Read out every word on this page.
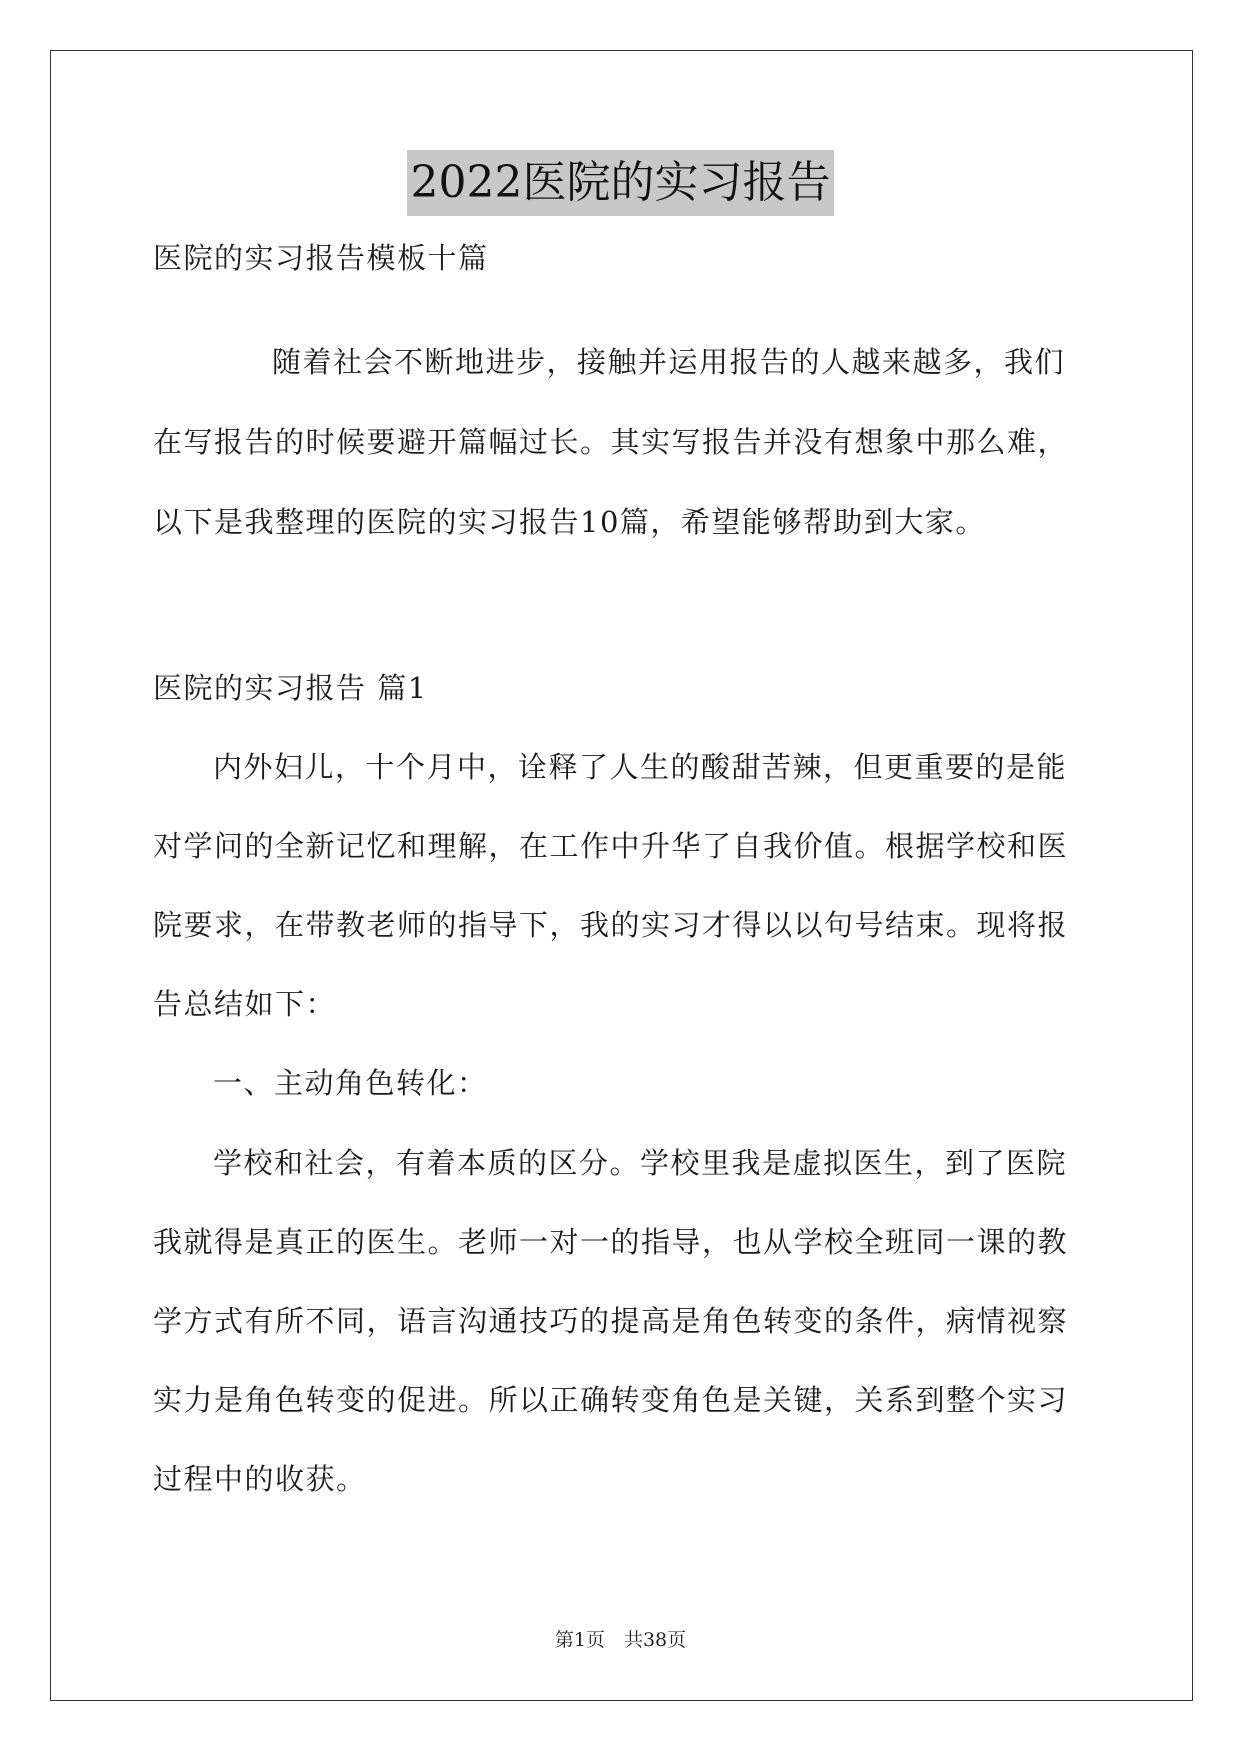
2022医院的实习报告
医院的实习报告模板十篇
随着社会不断地进步，接触并运用报告的人越来越多，我们
在写报告的时候要避开篇幅过长。其实写报告并没有想象中那么难，
以下是我整理的医院的实习报告10篇，希望能够帮助到大家。
医院的实习报告 篇1
内外妇儿，十个月中，诠释了人生的酸甜苦辣，但更重要的是能
对学问的全新记忆和理解，在工作中升华了自我价值。根据学校和医
院要求，在带教老师的指导下，我的实习才得以以句号结束。现将报
告总结如下：
一、主动角色转化：
学校和社会，有着本质的区分。学校里我是虚拟医生，到了医院
我就得是真正的医生。老师一对一的指导，也从学校全班同一课的教
学方式有所不同，语言沟通技巧的提高是角色转变的条件，病情视察
实力是角色转变的促进。所以正确转变角色是关键，关系到整个实习
过程中的收获。
第1页　共38页
